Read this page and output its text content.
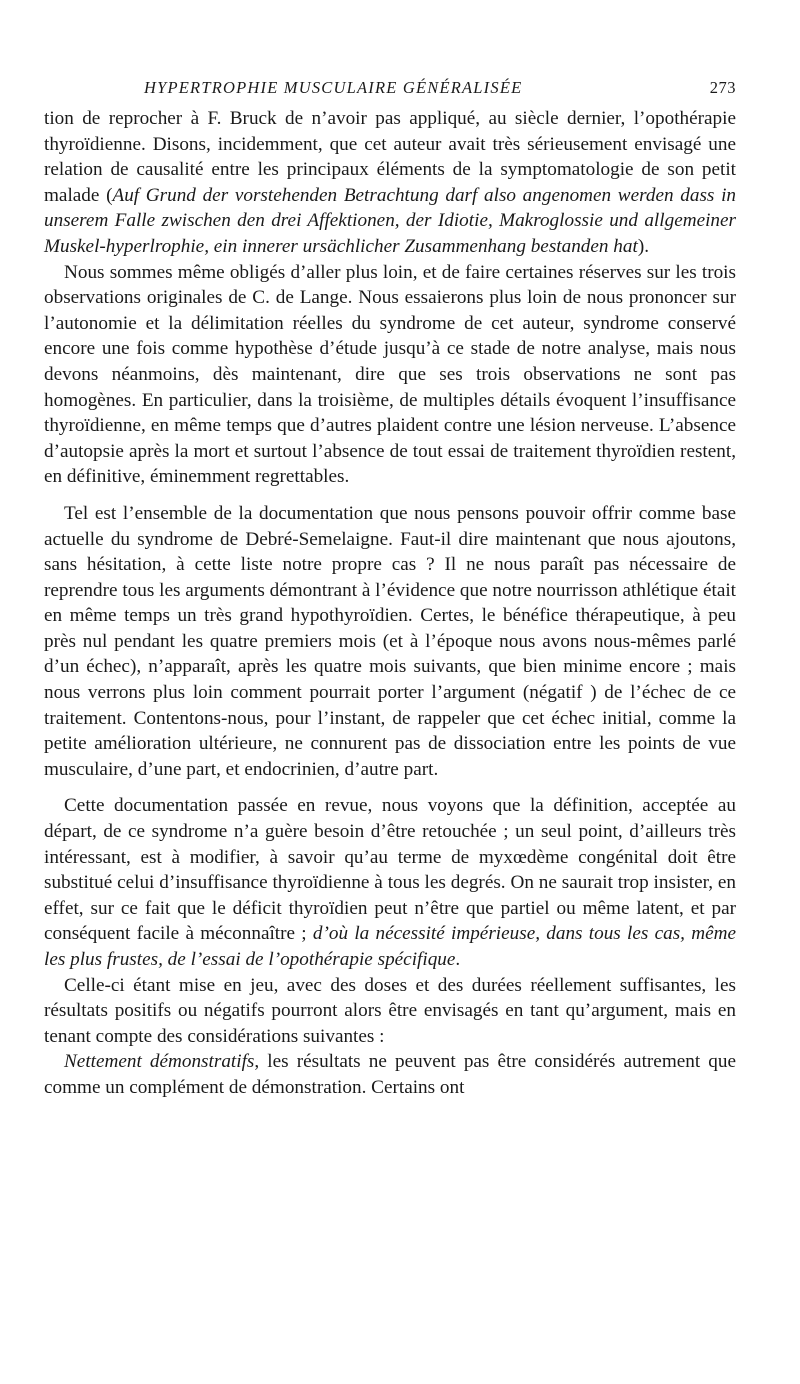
HYPERTROPHIE MUSCULAIRE GÉNÉRALISÉE	273

tion de reprocher à F. Bruck de n’avoir pas appliqué, au siècle dernier, l’opothérapie thyroïdienne. Disons, incidemment, que cet auteur avait très sérieusement envisagé une relation de causalité entre les principaux éléments de la symptomatologie de son petit malade (Auf Grund der vorstehenden Betrachtung darf also angenomen werden dass in unserem Falle zwischen den drei Affektionen, der Idiotie, Makroglossie und allgemeiner Muskel-hyperlrophie, ein innerer ursächlicher Zusammenhang bestanden hat).

Nous sommes même obligés d’aller plus loin, et de faire certaines réserves sur les trois observations originales de C. de Lange. Nous essaierons plus loin de nous prononcer sur l’autonomie et la délimitation réelles du syndrome de cet auteur, syndrome conservé encore une fois comme hypothèse d’étude jusqu’à ce stade de notre analyse, mais nous devons néanmoins, dès maintenant, dire que ses trois observations ne sont pas homogènes. En particulier, dans la troisième, de multiples détails évoquent l’insuffisance thyroïdienne, en même temps que d’autres plaident contre une lésion nerveuse. L’absence d’autopsie après la mort et surtout l’absence de tout essai de traitement thyroïdien restent, en définitive, éminemment regrettables.

Tel est l’ensemble de la documentation que nous pensons pouvoir offrir comme base actuelle du syndrome de Debré-Semelaigne. Faut-il dire maintenant que nous ajoutons, sans hésitation, à cette liste notre propre cas ? Il ne nous paraît pas nécessaire de reprendre tous les arguments démontrant à l’évidence que notre nourrisson athlétique était en même temps un très grand hypothyroïdien. Certes, le bénéfice thérapeutique, à peu près nul pendant les quatre premiers mois (et à l’époque nous avons nous-mêmes parlé d’un échec), n’apparaît, après les quatre mois suivants, que bien minime encore ; mais nous verrons plus loin comment pourrait porter l’argument (négatif ) de l’échec de ce traitement. Contentons-nous, pour l’instant, de rappeler que cet échec initial, comme la petite amélioration ultérieure, ne connurent pas de dissociation entre les points de vue musculaire, d’une part, et endocrinien, d’autre part.

Cette documentation passée en revue, nous voyons que la définition, acceptée au départ, de ce syndrome n’a guère besoin d’être retouchée ; un seul point, d’ailleurs très intéressant, est à modifier, à savoir qu’au terme de myxœdème congénital doit être substitué celui d’insuffisance thyroïdienne à tous les degrés. On ne saurait trop insister, en effet, sur ce fait que le déficit thyroïdien peut n’être que partiel ou même latent, et par conséquent facile à méconnaître ; d’où la nécessité impérieuse, dans tous les cas, même les plus frustes, de l’essai de l’opothérapie spécifique.

Celle-ci étant mise en jeu, avec des doses et des durées réellement suffisantes, les résultats positifs ou négatifs pourront alors être envisagés en tant qu’argument, mais en tenant compte des considérations suivantes :

Nettement démonstratifs, les résultats ne peuvent pas être considérés autrement que comme un complément de démonstration. Certains ont
